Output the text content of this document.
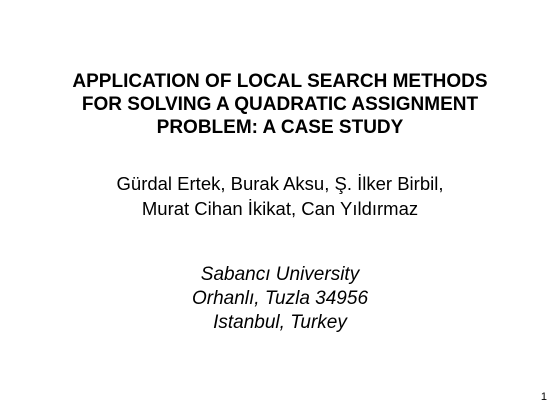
APPLICATION OF LOCAL SEARCH METHODS
FOR SOLVING A QUADRATIC ASSIGNMENT
PROBLEM: A CASE STUDY
Gürdal Ertek, Burak Aksu, Ş. İlker Birbil,
Murat Cihan İkikat, Can Yıldırmaz
Sabancı University
Orhanlı, Tuzla 34956
Istanbul, Turkey
1
